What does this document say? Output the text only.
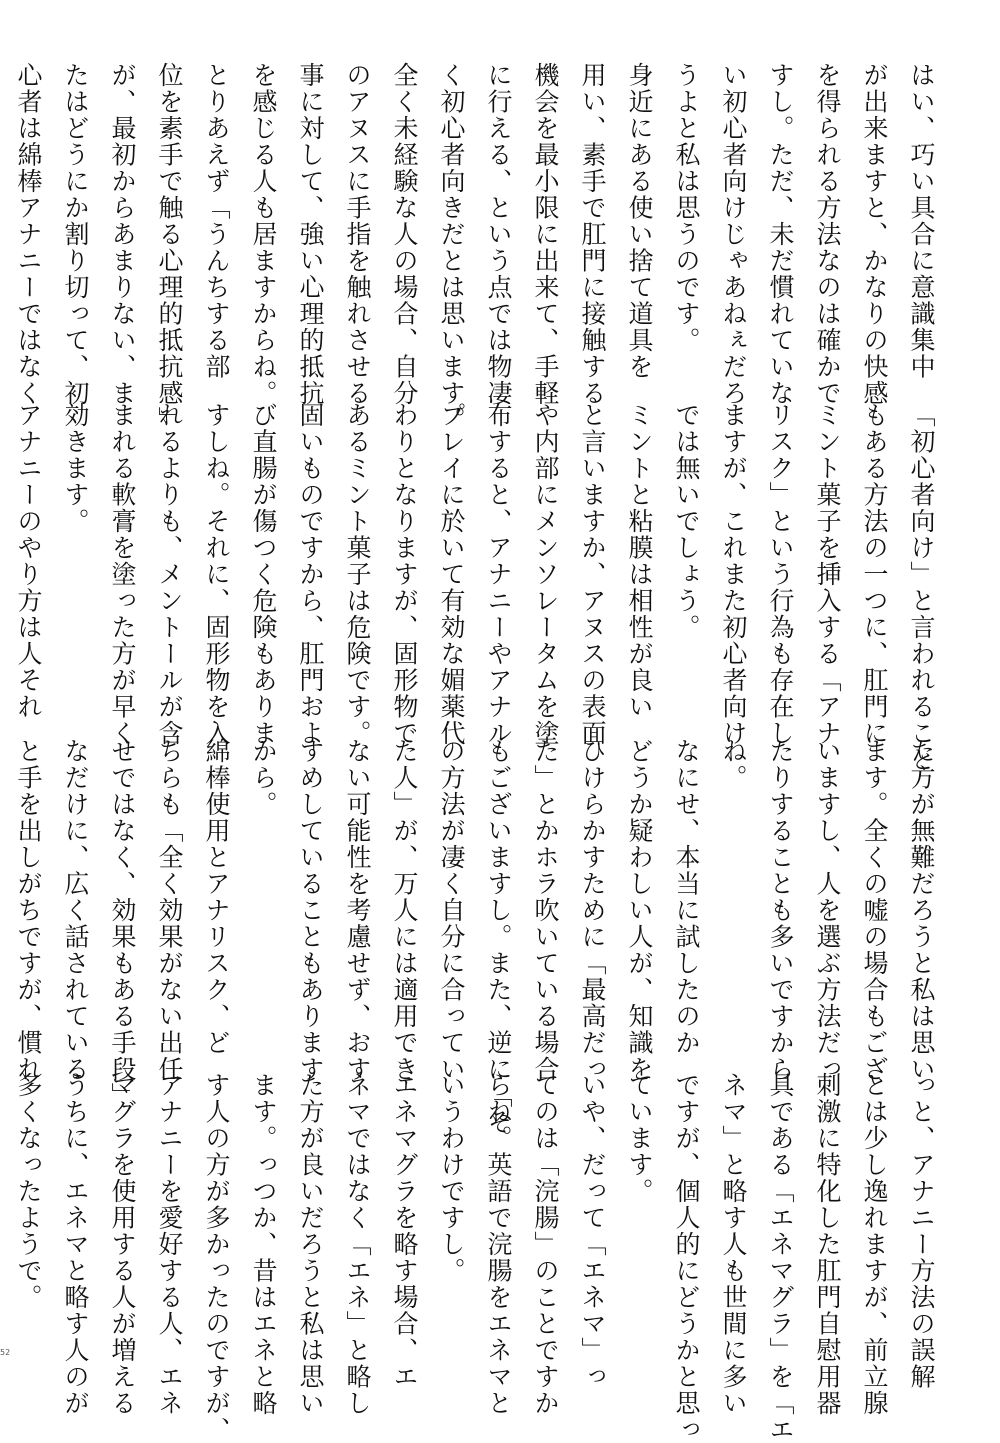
はい、巧い具合に意識集中
が出来ますと、かなりの快感
を得られる方法なのは確かで
すし。ただ、未だ慣れていな
い初心者向けじゃあねぇだろ
うよと私は思うのです。
身近にある使い捨て道具を
用い、素手で肛門に接触する
機会を最小限に出来て、手軽
に行える、という点では物凄
く初心者向きだとは思います。
全く未経験な人の場合、自分
のアヌスに手指を触れさせる
事に対して、強い心理的抵抗
を感じる人も居ますからね。
とりあえず「うんちする部
位を素手で触る心理的抵抗感」
が、最初からあまりない、ま
たはどうにか割り切って、初
心者は綿棒アナニーではなく
「初心者向け」と言われること
もある方法の一つに、肛門に
ミント菓子を挿入する「アナ
リスク」という行為も存在し
ますが、これまた初心者向け
では無いでしょう。
ミントと粘膜は相性が良い
と言いますか、アヌスの表面
や内部にメンソレータムを塗
布すると、アナニーやアナル
プレイに於いて有効な媚薬代
わりとなりますが、固形物で
あるミント菓子は危険です。
固いものですから、肛門およ
び直腸が傷つく危険もありま
すしね。それに、固形物を入
れるよりも、メントールが含
まれる軟膏を塗った方が早く
効きます。
アナニーのやり方は人それ
た方が無難だろうと私は思い
ます。全くの嘘の場合もござ
いますし、人を選ぶ方法だっ
たりすることも多いですから
ね。
なにせ、本当に試したのか
どうか疑わしい人が、知識を
ひけらかすために「最高だっ
た」とかホラ吹いている場合
もございますし。また、逆に「そ
の方法が凄く自分に合ってい
た人」が、万人には適用でき
ない可能性を考慮せず、おす
すめしていることもあります
から。
綿棒使用とアナリスク、ど
ちらも「全く効果がない出任
せではなく、効果もある手段」
なだけに、広く話されている
と手を出しがちですが、慣れ
っと、アナニー方法の誤解
とは少し逸れますが、前立腺
刺激に特化した肛門自慰用器
具である「エネマグラ」を「エ
ネマ」と略す人も世間に多い
ですが、個人的にどうかと思っ
ています。
いや、だって「エネマ」っ
てのは「浣腸」のことですか
らね。英語で浣腸をエネマと
いうわけですし。
エネマグラを略す場合、エ
ネマではなく「エネ」と略し
た方が良いだろうと私は思い
ます。っつか、昔はエネと略
す人の方が多かったのですが、
アナニーを愛好する人、エネ
マグラを使用する人が増える
うちに、エネマと略す人のが
多くなったようで。
52
